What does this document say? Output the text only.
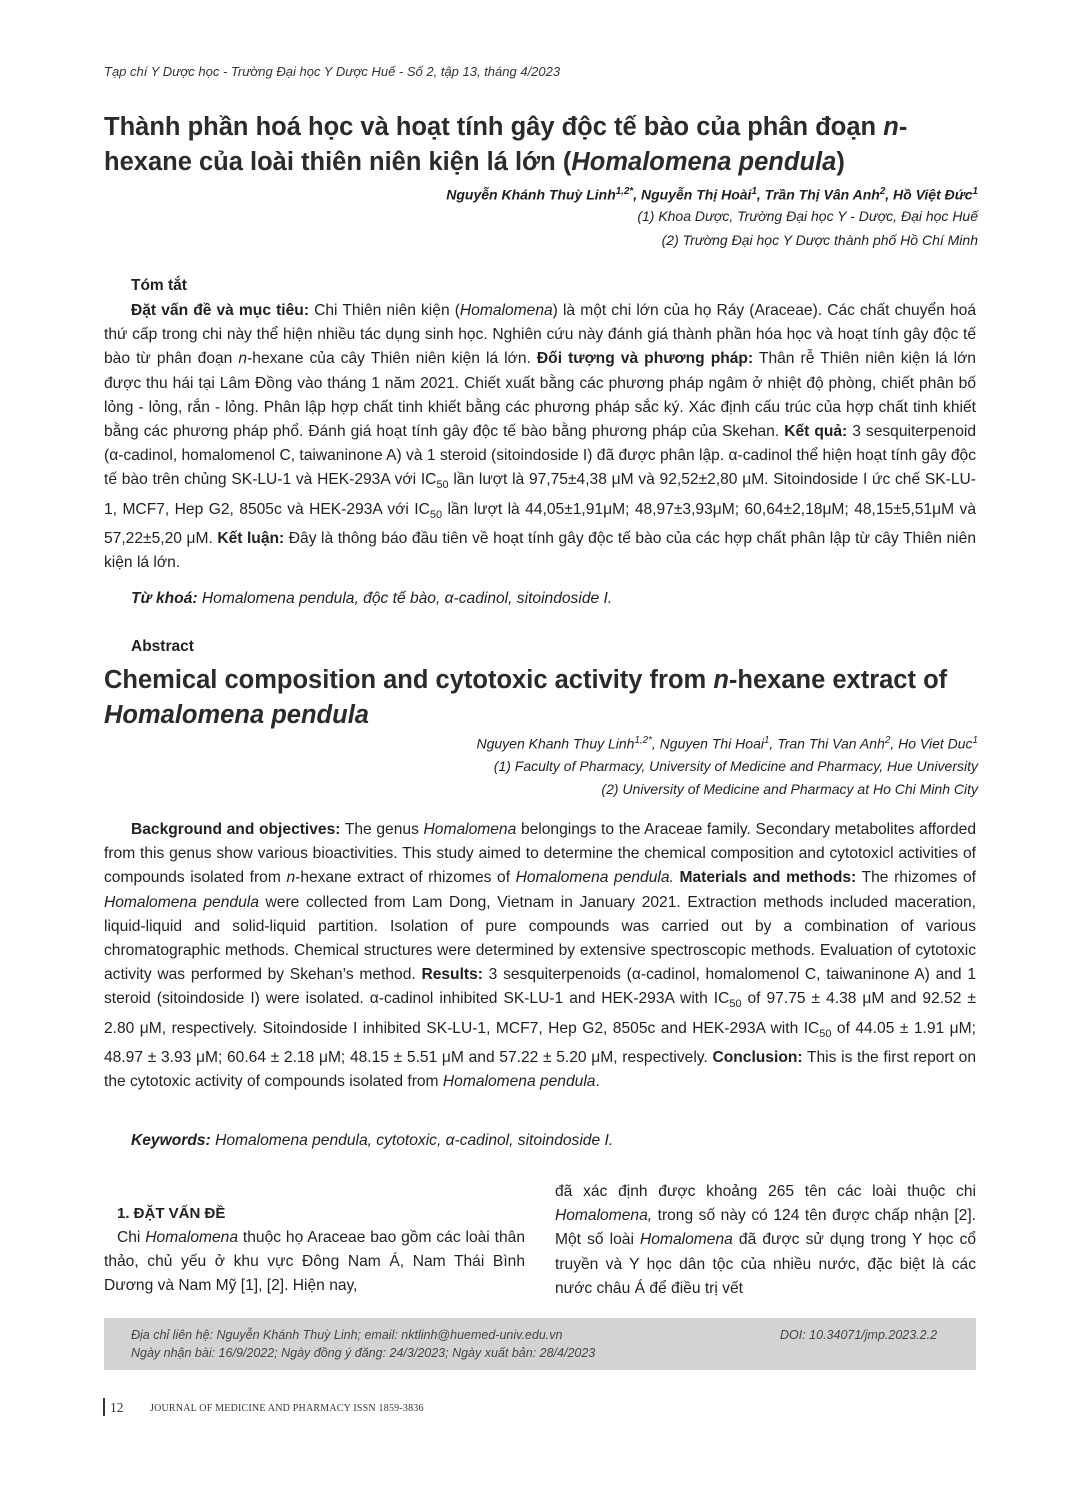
Tạp chí Y Dược học - Trường Đại học Y Dược Huế - Số 2, tập 13, tháng 4/2023
Thành phần hoá học và hoạt tính gây độc tế bào của phân đoạn n-hexane của loài thiên niên kiện lá lớn (Homalomena pendula)
Nguyễn Khánh Thuỳ Linh$^{1,2*}$, Nguyễn Thị Hoài$^1$, Trần Thị Vân Anh$^2$, Hồ Việt Đức$^1$
(1) Khoa Dược, Trường Đại học Y - Dược, Đại học Huế
(2) Trường Đại học Y Dược thành phố Hồ Chí Minh
Tóm tắt

Đặt vấn đề và mục tiêu: Chi Thiên niên kiện (Homalomena) là một chi lớn của họ Ráy (Araceae). Các chất chuyển hoá thứ cấp trong chi này thể hiện nhiều tác dụng sinh học. Nghiên cứu này đánh giá thành phần hóa học và hoạt tính gây độc tế bào từ phân đoạn n-hexane của cây Thiên niên kiện lá lớn. Đối tượng và phương pháp: Thân rễ Thiên niên kiện lá lớn được thu hái tại Lâm Đồng vào tháng 1 năm 2021. Chiết xuất bằng các phương pháp ngâm ở nhiệt độ phòng, chiết phân bố lỏng - lỏng, rắn - lỏng. Phân lập hợp chất tinh khiết bằng các phương pháp sắc ký. Xác định cấu trúc của hợp chất tinh khiết bằng các phương pháp phổ. Đánh giá hoạt tính gây độc tế bào bằng phương pháp của Skehan. Kết quả: 3 sesquiterpenoid (α-cadinol, homalomenol C, taiwaninone A) và 1 steroid (sitoindoside I) đã được phân lập. α-cadinol thể hiện hoạt tính gây độc tế bào trên chủng SK-LU-1 và HEK-293A với $IC_{50}$ lần lượt là 97,75±4,38 μM và 92,52±2,80 μM. Sitoindoside I ức chế SK-LU-1, MCF7, Hep G2, 8505c và HEK-293A với $IC_{50}$ lần lượt là 44,05±1,91μM; 48,97±3,93μM; 60,64±2,18μM; 48,15±5,51μM và 57,22±5,20 μM. Kết luận: Đây là thông báo đầu tiên về hoạt tính gây độc tế bào của các hợp chất phân lập từ cây Thiên niên kiện lá lớn.

Từ khoá: Homalomena pendula, độc tế bào, α-cadinol, sitoindoside I.
Abstract
Chemical composition and cytotoxic activity from n-hexane extract of
Homalomena pendula
Nguyen Khanh Thuy Linh$^{1,2*}$, Nguyen Thi Hoai$^1$, Tran Thi Van Anh$^2$, Ho Viet Duc$^1$
(1) Faculty of Pharmacy, University of Medicine and Pharmacy, Hue University
(2) University of Medicine and Pharmacy at Ho Chi Minh City

Background and objectives: The genus Homalomena belongings to the Araceae family. Secondary metabolites afforded from this genus show various bioactivities. This study aimed to determine the chemical composition and cytotoxicl activities of compounds isolated from n-hexane extract of rhizomes of Homalomena pendula. Materials and methods: The rhizomes of Homalomena pendula were collected from Lam Dong, Vietnam in January 2021. Extraction methods included maceration, liquid-liquid and solid-liquid partition. Isolation of pure compounds was carried out by a combination of various chromatographic methods. Chemical structures were determined by extensive spectroscopic methods. Evaluation of cytotoxic activity was performed by Skehan’s method. Results: 3 sesquiterpenoids (α-cadinol, homalomenol C, taiwaninone A) and 1 steroid (sitoindoside I) were isolated. α-cadinol inhibited SK-LU-1 and HEK-293A with $IC_{50}$ of 97.75 ± 4.38 μM and 92.52 ± 2.80 μM, respectively. Sitoindoside I inhibited SK-LU-1, MCF7, Hep G2, 8505c and HEK-293A with $IC_{50}$ of 44.05 ± 1.91 μM; 48.97 ± 3.93 μM; 60.64 ± 2.18 μM; 48.15 ± 5.51 μM and 57.22 ± 5.20 μM, respectively. Conclusion: This is the first report on the cytotoxic activity of compounds isolated from Homalomena pendula.

Keywords: Homalomena pendula, cytotoxic, α-cadinol, sitoindoside I.
1. ĐẶT VẤN ĐỀ

Chi Homalomena thuộc họ Araceae bao gồm các loài thân thảo, chủ yếu ở khu vực Đông Nam Á, Nam Thái Bình Dương và Nam Mỹ [1], [2]. Hiện nay,

đã xác định được khoảng 265 tên các loài thuộc chi Homalomena, trong số này có 124 tên được chấp nhận [2]. Một số loài Homalomena đã được sử dụng trong Y học cổ truyền và Y học dân tộc của nhiều nước, đặc biệt là các nước châu Á để điều trị vết

Địa chỉ liên hệ: Nguyễn Khánh Thuỳ Linh; email: nktlinh@huemed-univ.edu.vn	DOI: 10.34071/jmp.2023.2.2
Ngày nhận bài: 16/9/2022; Ngày đồng ý đăng: 24/3/2023; Ngày xuất bản: 28/4/2023
12	JOURNAL OF MEDICINE AND PHARMACY ISSN 1859-3836
